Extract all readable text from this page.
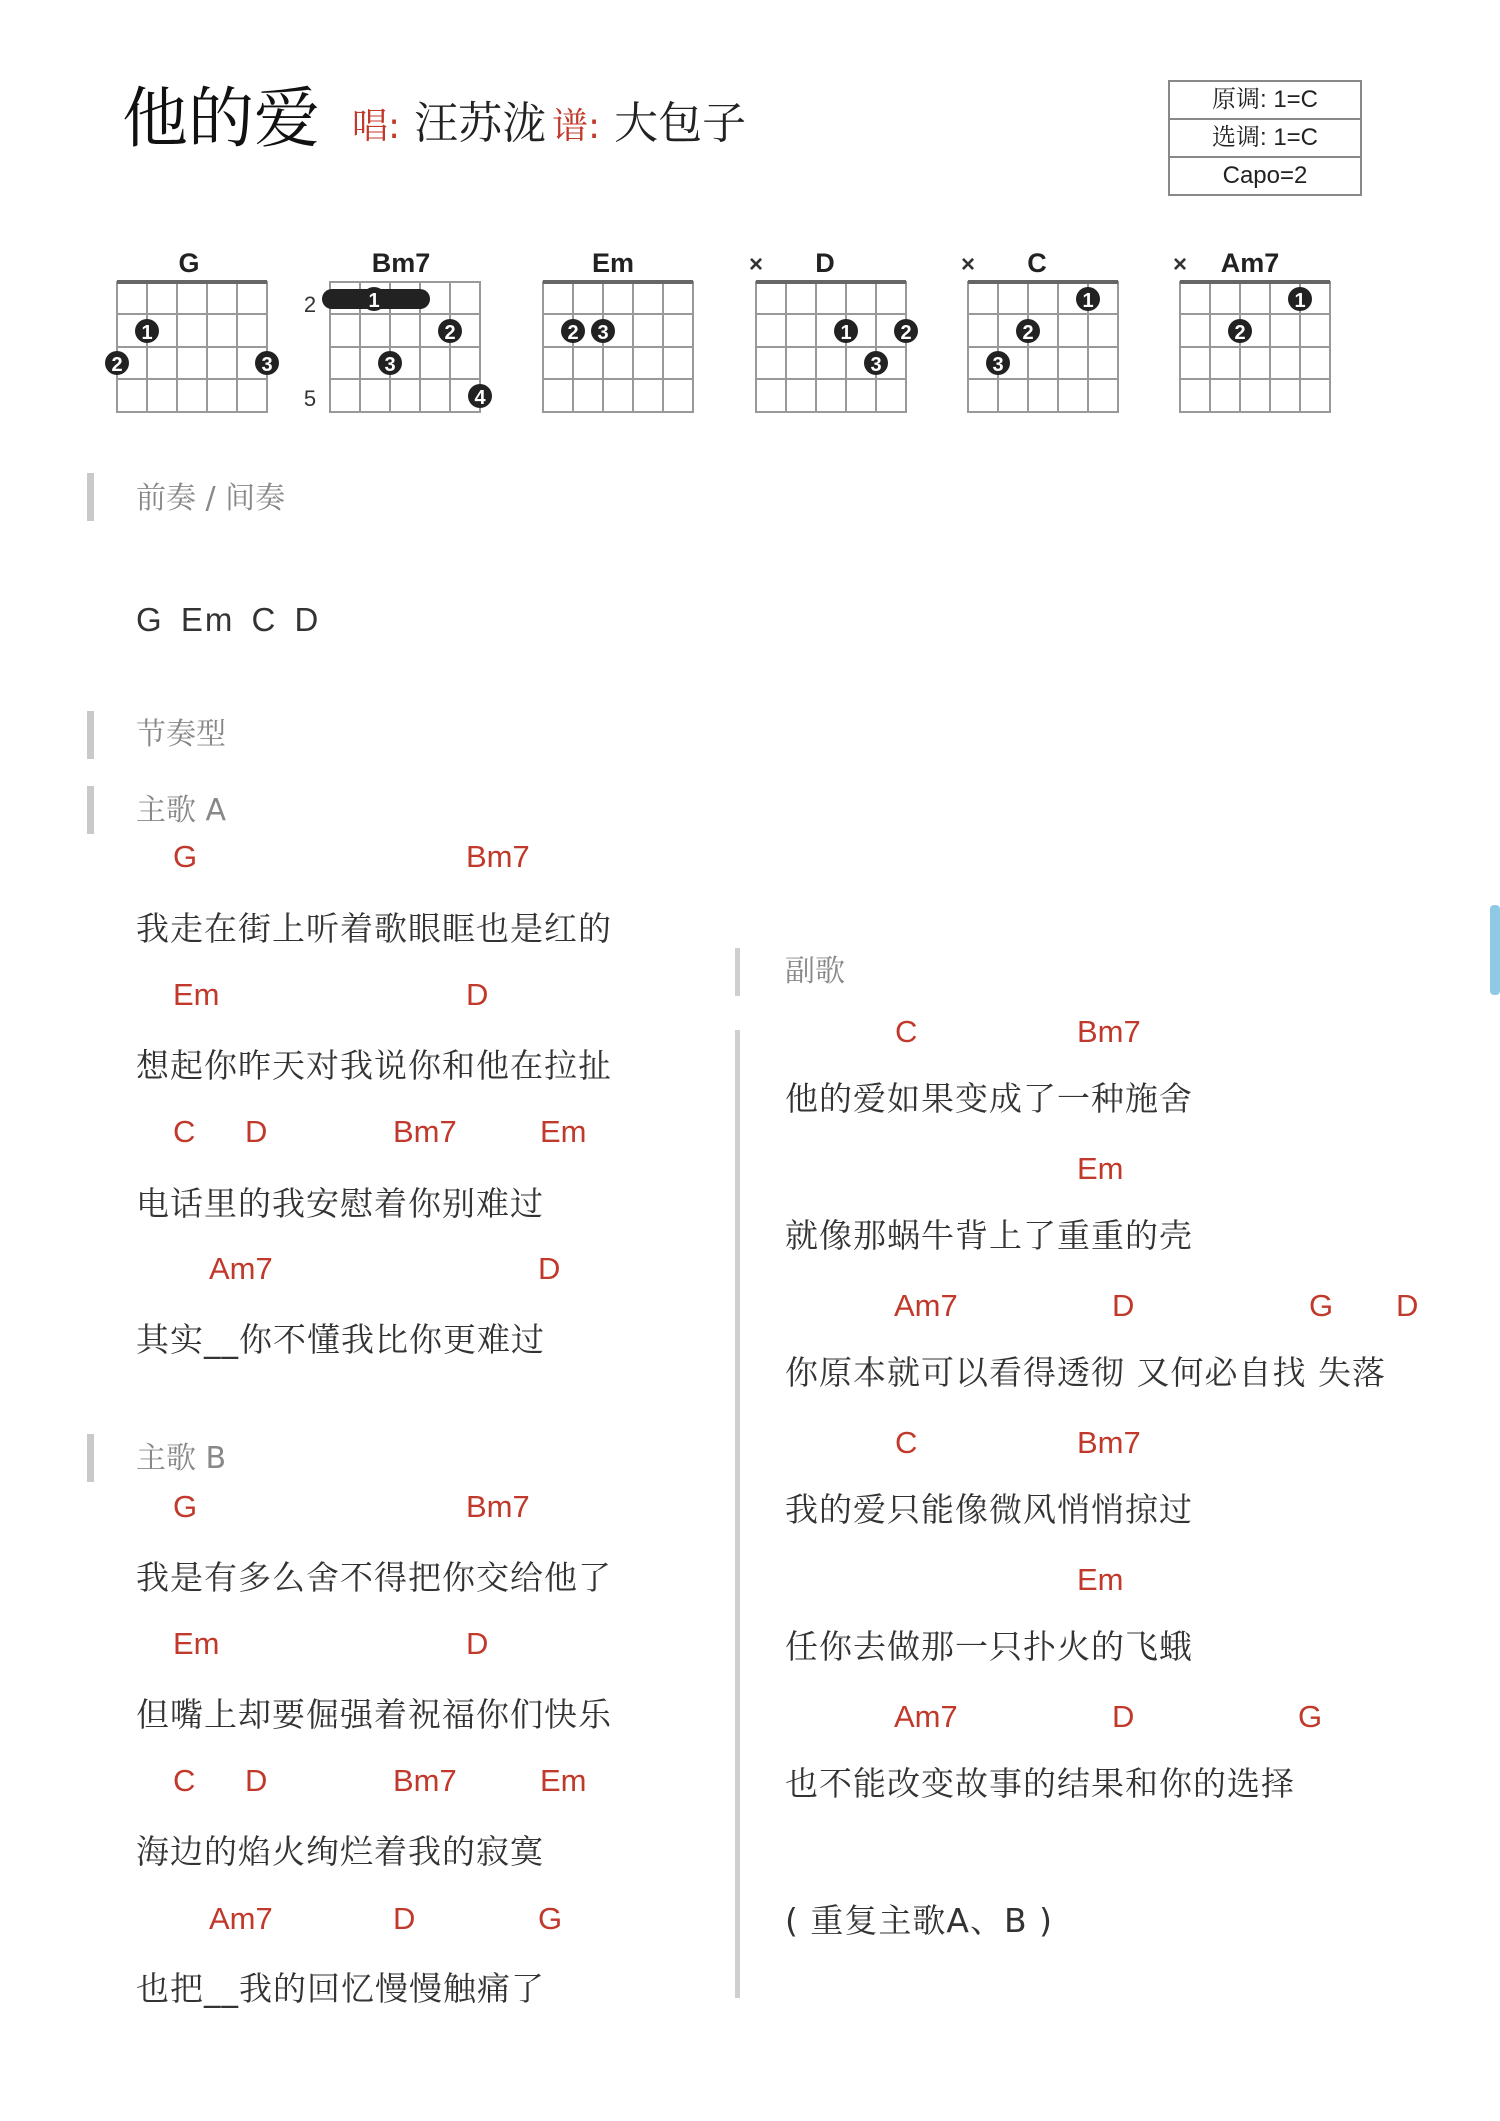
他的爱 唱: 汪苏泷 谱: 大包子	原调: 1=C
选调: 1=C
Capo=2
G	Bm7	Em	D	C	Am7
1
2	3
2
5
1
2
3
4
2 3
×
1 2
3
×
1
2
3
×
1
2
前奏 / 间奏
G Em C D
节奏型
主歌 A
G	Bm7
我走在街上听着歌眼眶也是红的
Em	D
想起你昨天对我说你和他在拉扯
C D	Bm7	Em
电话里的我安慰着你别难过
Am7	D
其实__你不懂我比你更难过
主歌 B
G	Bm7
我是有多么舍不得把你交给他了
Em	D
但嘴上却要倔强着祝福你们快乐
C D	Bm7	Em
海边的焰火绚烂着我的寂寞
Am7	D	G
也把__我的回忆慢慢触痛了
副歌
C	Bm7
他的爱如果变成了一种施舍
Em
就像那蜗牛背上了重重的壳
Am7	D	G D
你原本就可以看得透彻 又何必自找 失落
C	Bm7
我的爱只能像微风悄悄掠过
Em
任你去做那一只扑火的飞蛾
Am7	D	G
也不能改变故事的结果和你的选择
( 重复主歌A、B )
